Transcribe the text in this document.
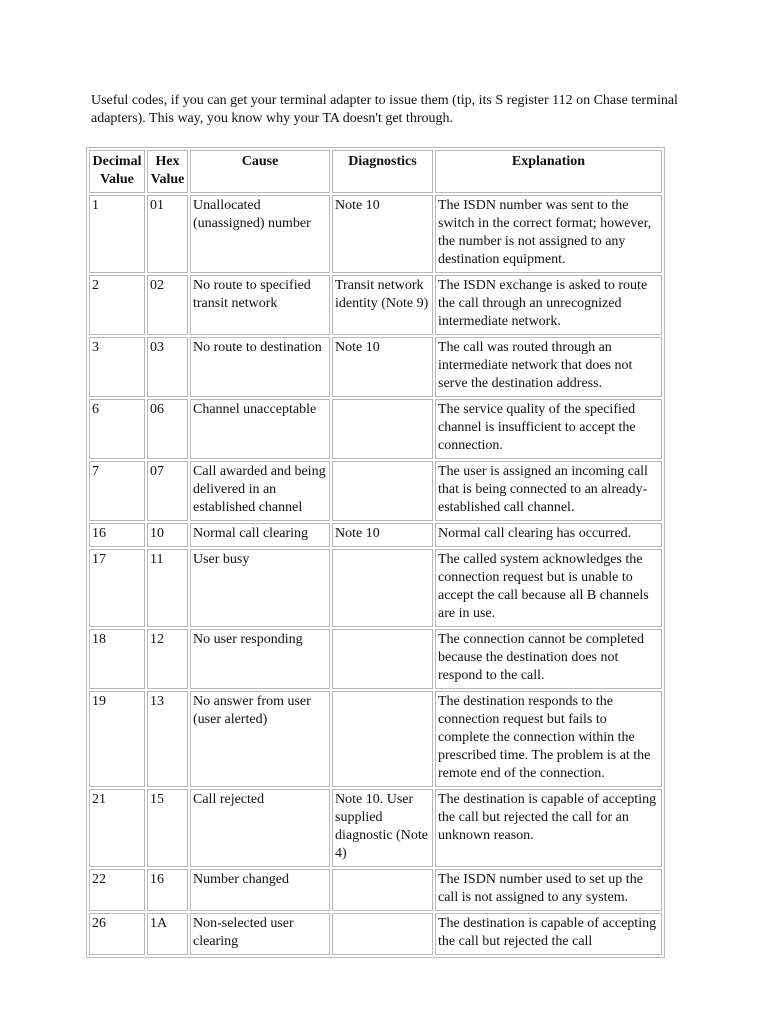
Useful codes, if you can get your terminal adapter to issue them (tip, its S register 112 on Chase terminal adapters). This way, you know why your TA doesn't get through.

Decimal Value	Hex Value	Cause	Diagnostics	Explanation
1	01	Unallocated (unassigned) number	Note 10	The ISDN number was sent to the switch in the correct format; however, the number is not assigned to any destination equipment.
2	02	No route to specified transit network	Transit network identity (Note 9)	The ISDN exchange is asked to route the call through an unrecognized intermediate network.
3	03	No route to destination	Note 10	The call was routed through an intermediate network that does not serve the destination address.
6	06	Channel unacceptable		The service quality of the specified channel is insufficient to accept the connection.
7	07	Call awarded and being delivered in an established channel		The user is assigned an incoming call that is being connected to an already-established call channel.
16	10	Normal call clearing	Note 10	Normal call clearing has occurred.
17	11	User busy		The called system acknowledges the connection request but is unable to accept the call because all B channels are in use.
18	12	No user responding		The connection cannot be completed because the destination does not respond to the call.
19	13	No answer from user (user alerted)		The destination responds to the connection request but fails to complete the connection within the prescribed time. The problem is at the remote end of the connection.
21	15	Call rejected	Note 10. User supplied diagnostic (Note 4)	The destination is capable of accepting the call but rejected the call for an unknown reason.
22	16	Number changed		The ISDN number used to set up the call is not assigned to any system.
26	1A	Non-selected user clearing		The destination is capable of accepting the call but rejected the call
